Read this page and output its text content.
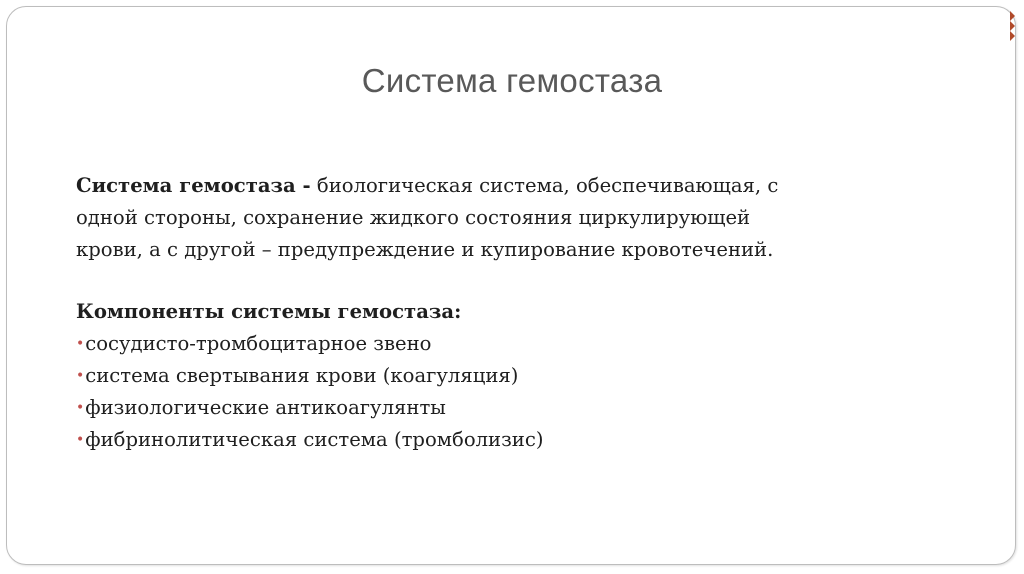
Система гемостаза

Система гемостаза - биологическая система, обеспечивающая, с
одной стороны, сохранение жидкого состояния циркулирующей
крови, а с другой – предупреждение и купирование кровотечений.

Компоненты системы гемостаза:

•сосудисто-тромбоцитарное звено
•система свертывания крови (коагуляция)
•физиологические антикоагулянты
•фибринолитическая система (тромболизис)
